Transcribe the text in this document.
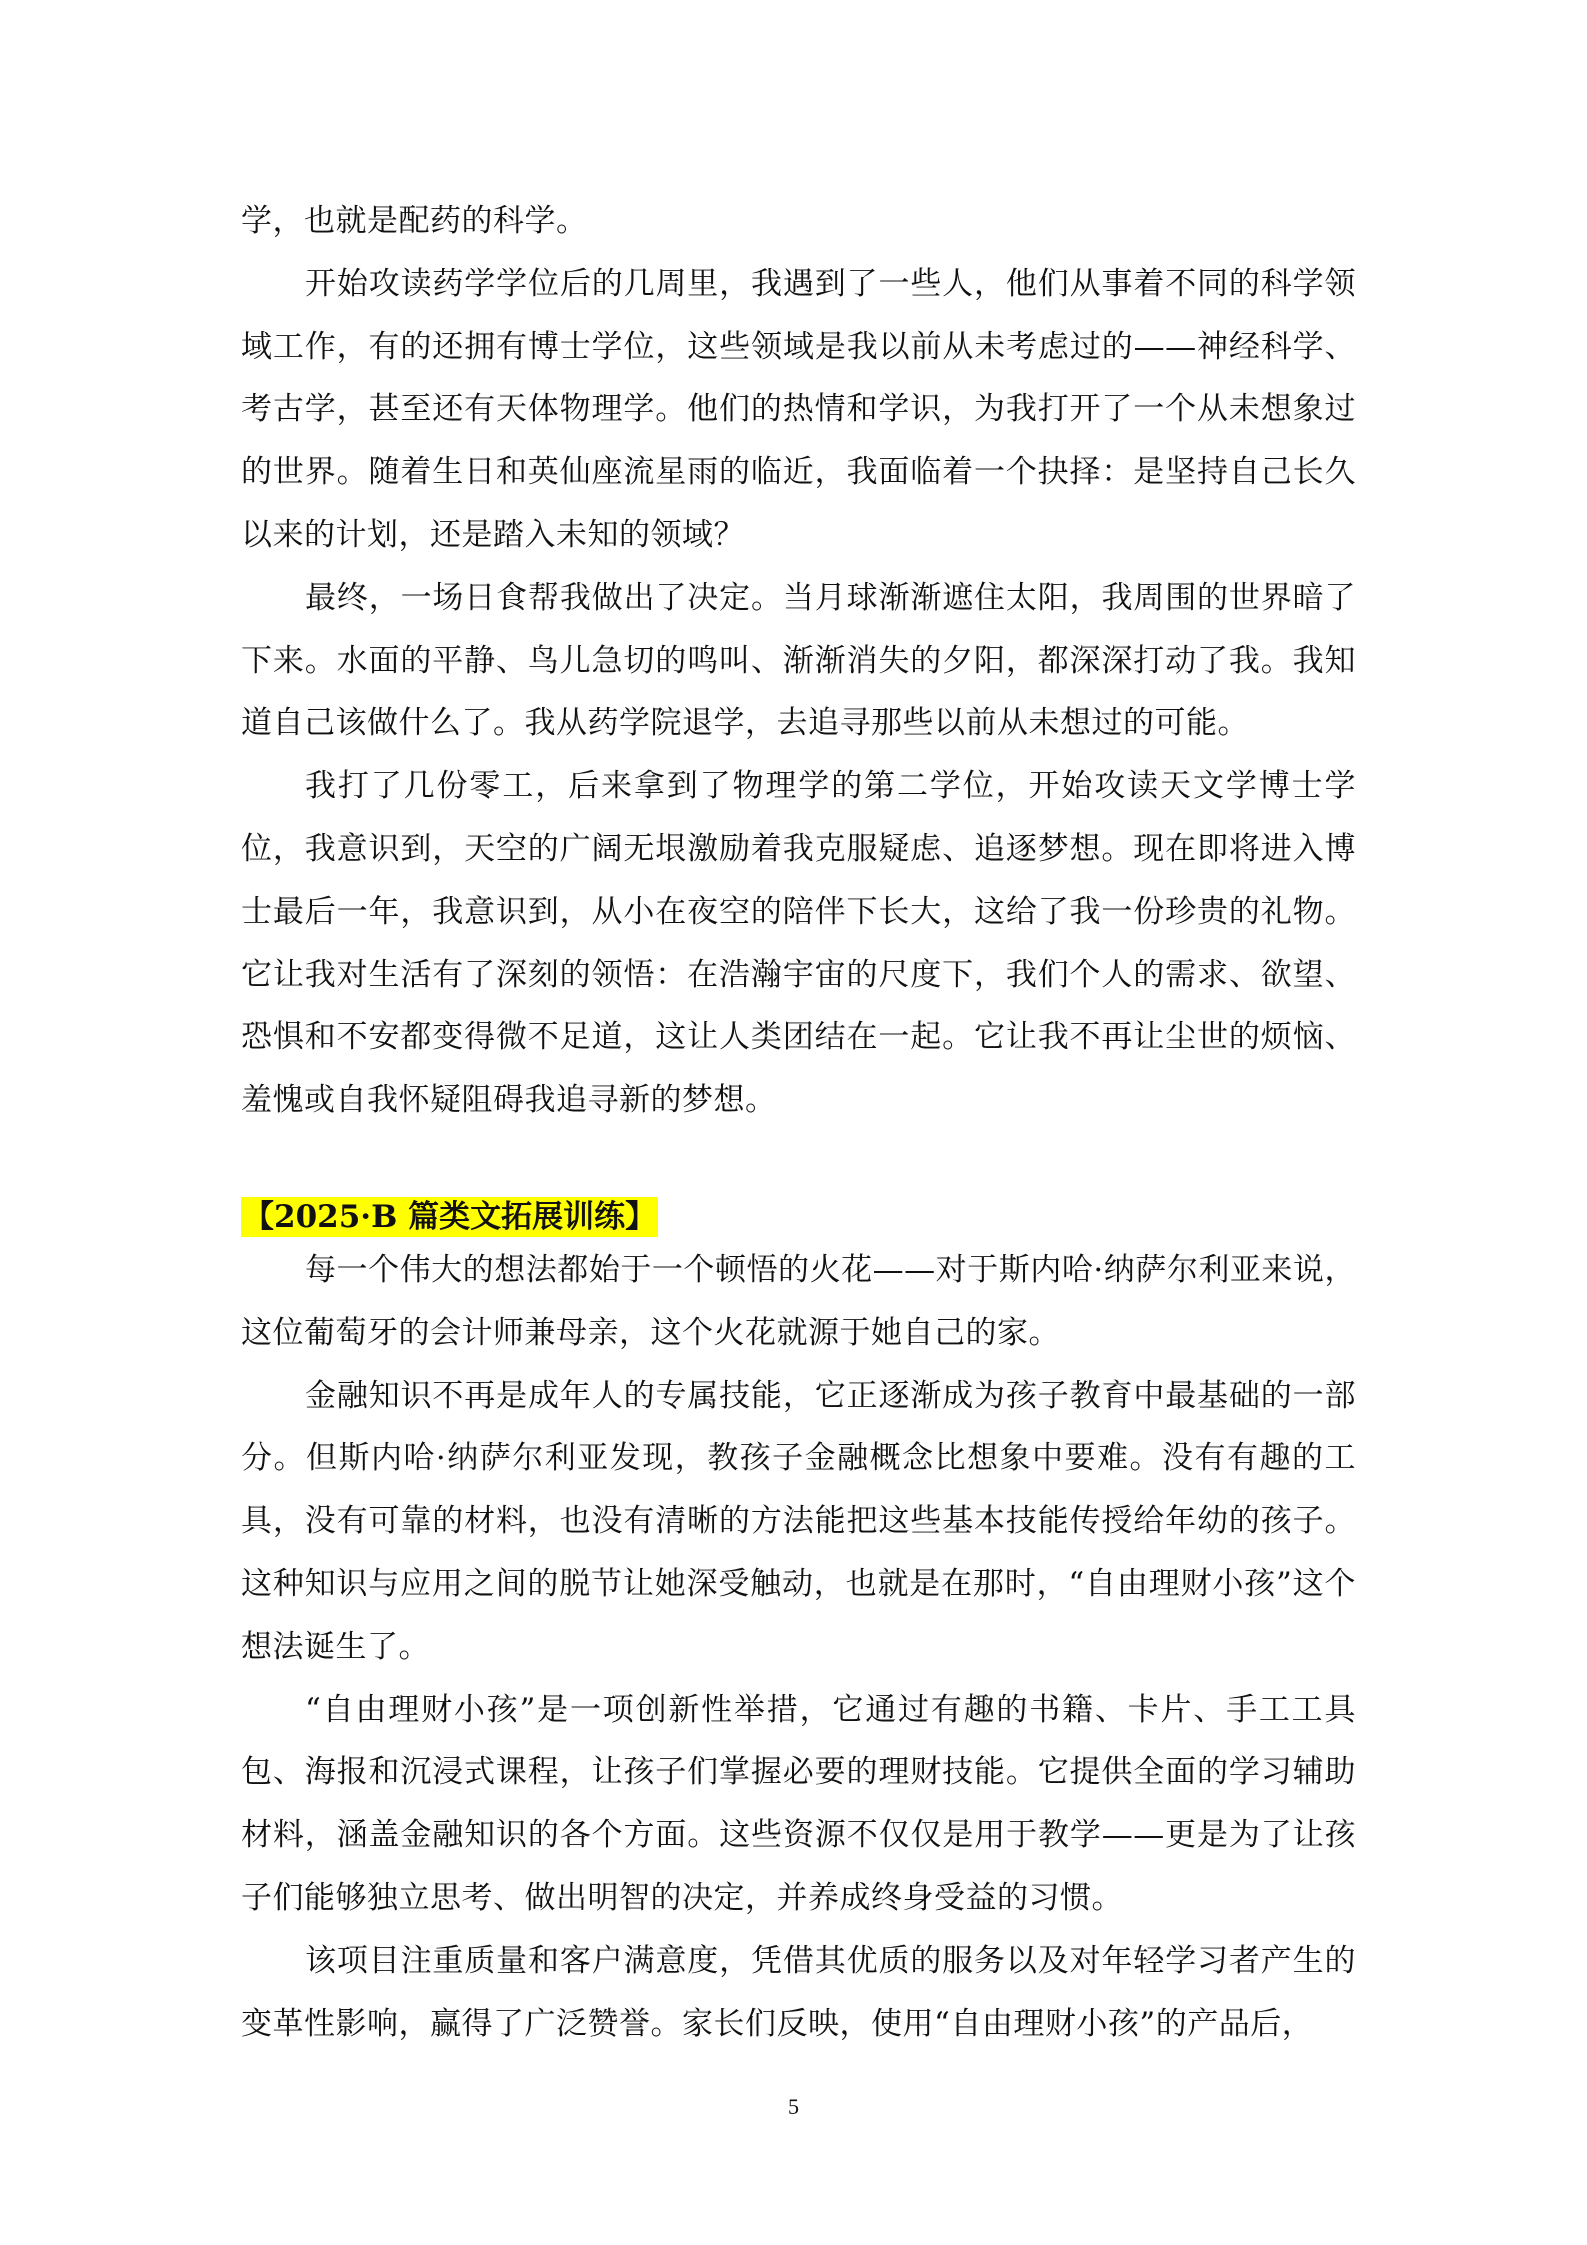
学，也就是配药的科学。

开始攻读药学学位后的几周里，我遇到了一些人，他们从事着不同的科学领域工作，有的还拥有博士学位，这些领域是我以前从未考虑过的——神经科学、考古学，甚至还有天体物理学。他们的热情和学识，为我打开了一个从未想象过的世界。随着生日和英仙座流星雨的临近，我面临着一个抉择：是坚持自己长久以来的计划，还是踏入未知的领域？

最终，一场日食帮我做出了决定。当月球渐渐遮住太阳，我周围的世界暗了下来。水面的平静、鸟儿急切的鸣叫、渐渐消失的夕阳，都深深打动了我。我知道自己该做什么了。我从药学院退学，去追寻那些以前从未想过的可能。

我打了几份零工，后来拿到了物理学的第二学位，开始攻读天文学博士学位，我意识到，天空的广阔无垠激励着我克服疑虑、追逐梦想。现在即将进入博士最后一年，我意识到，从小在夜空的陪伴下长大，这给了我一份珍贵的礼物。它让我对生活有了深刻的领悟：在浩瀚宇宙的尺度下，我们个人的需求、欲望、恐惧和不安都变得微不足道，这让人类团结在一起。它让我不再让尘世的烦恼、羞愧或自我怀疑阻碍我追寻新的梦想。

【2025·B 篇类文拓展训练】

每一个伟大的想法都始于一个顿悟的火花——对于斯内哈·纳萨尔利亚来说，这位葡萄牙的会计师兼母亲，这个火花就源于她自己的家。

金融知识不再是成年人的专属技能，它正逐渐成为孩子教育中最基础的一部分。但斯内哈·纳萨尔利亚发现，教孩子金融概念比想象中要难。没有有趣的工具，没有可靠的材料，也没有清晰的方法能把这些基本技能传授给年幼的孩子。这种知识与应用之间的脱节让她深受触动，也就是在那时，“自由理财小孩”这个想法诞生了。

“自由理财小孩”是一项创新性举措，它通过有趣的书籍、卡片、手工工具包、海报和沉浸式课程，让孩子们掌握必要的理财技能。它提供全面的学习辅助材料，涵盖金融知识的各个方面。这些资源不仅仅是用于教学——更是为了让孩子们能够独立思考、做出明智的决定，并养成终身受益的习惯。

该项目注重质量和客户满意度，凭借其优质的服务以及对年轻学习者产生的变革性影响，赢得了广泛赞誉。家长们反映，使用“自由理财小孩”的产品后，

5
